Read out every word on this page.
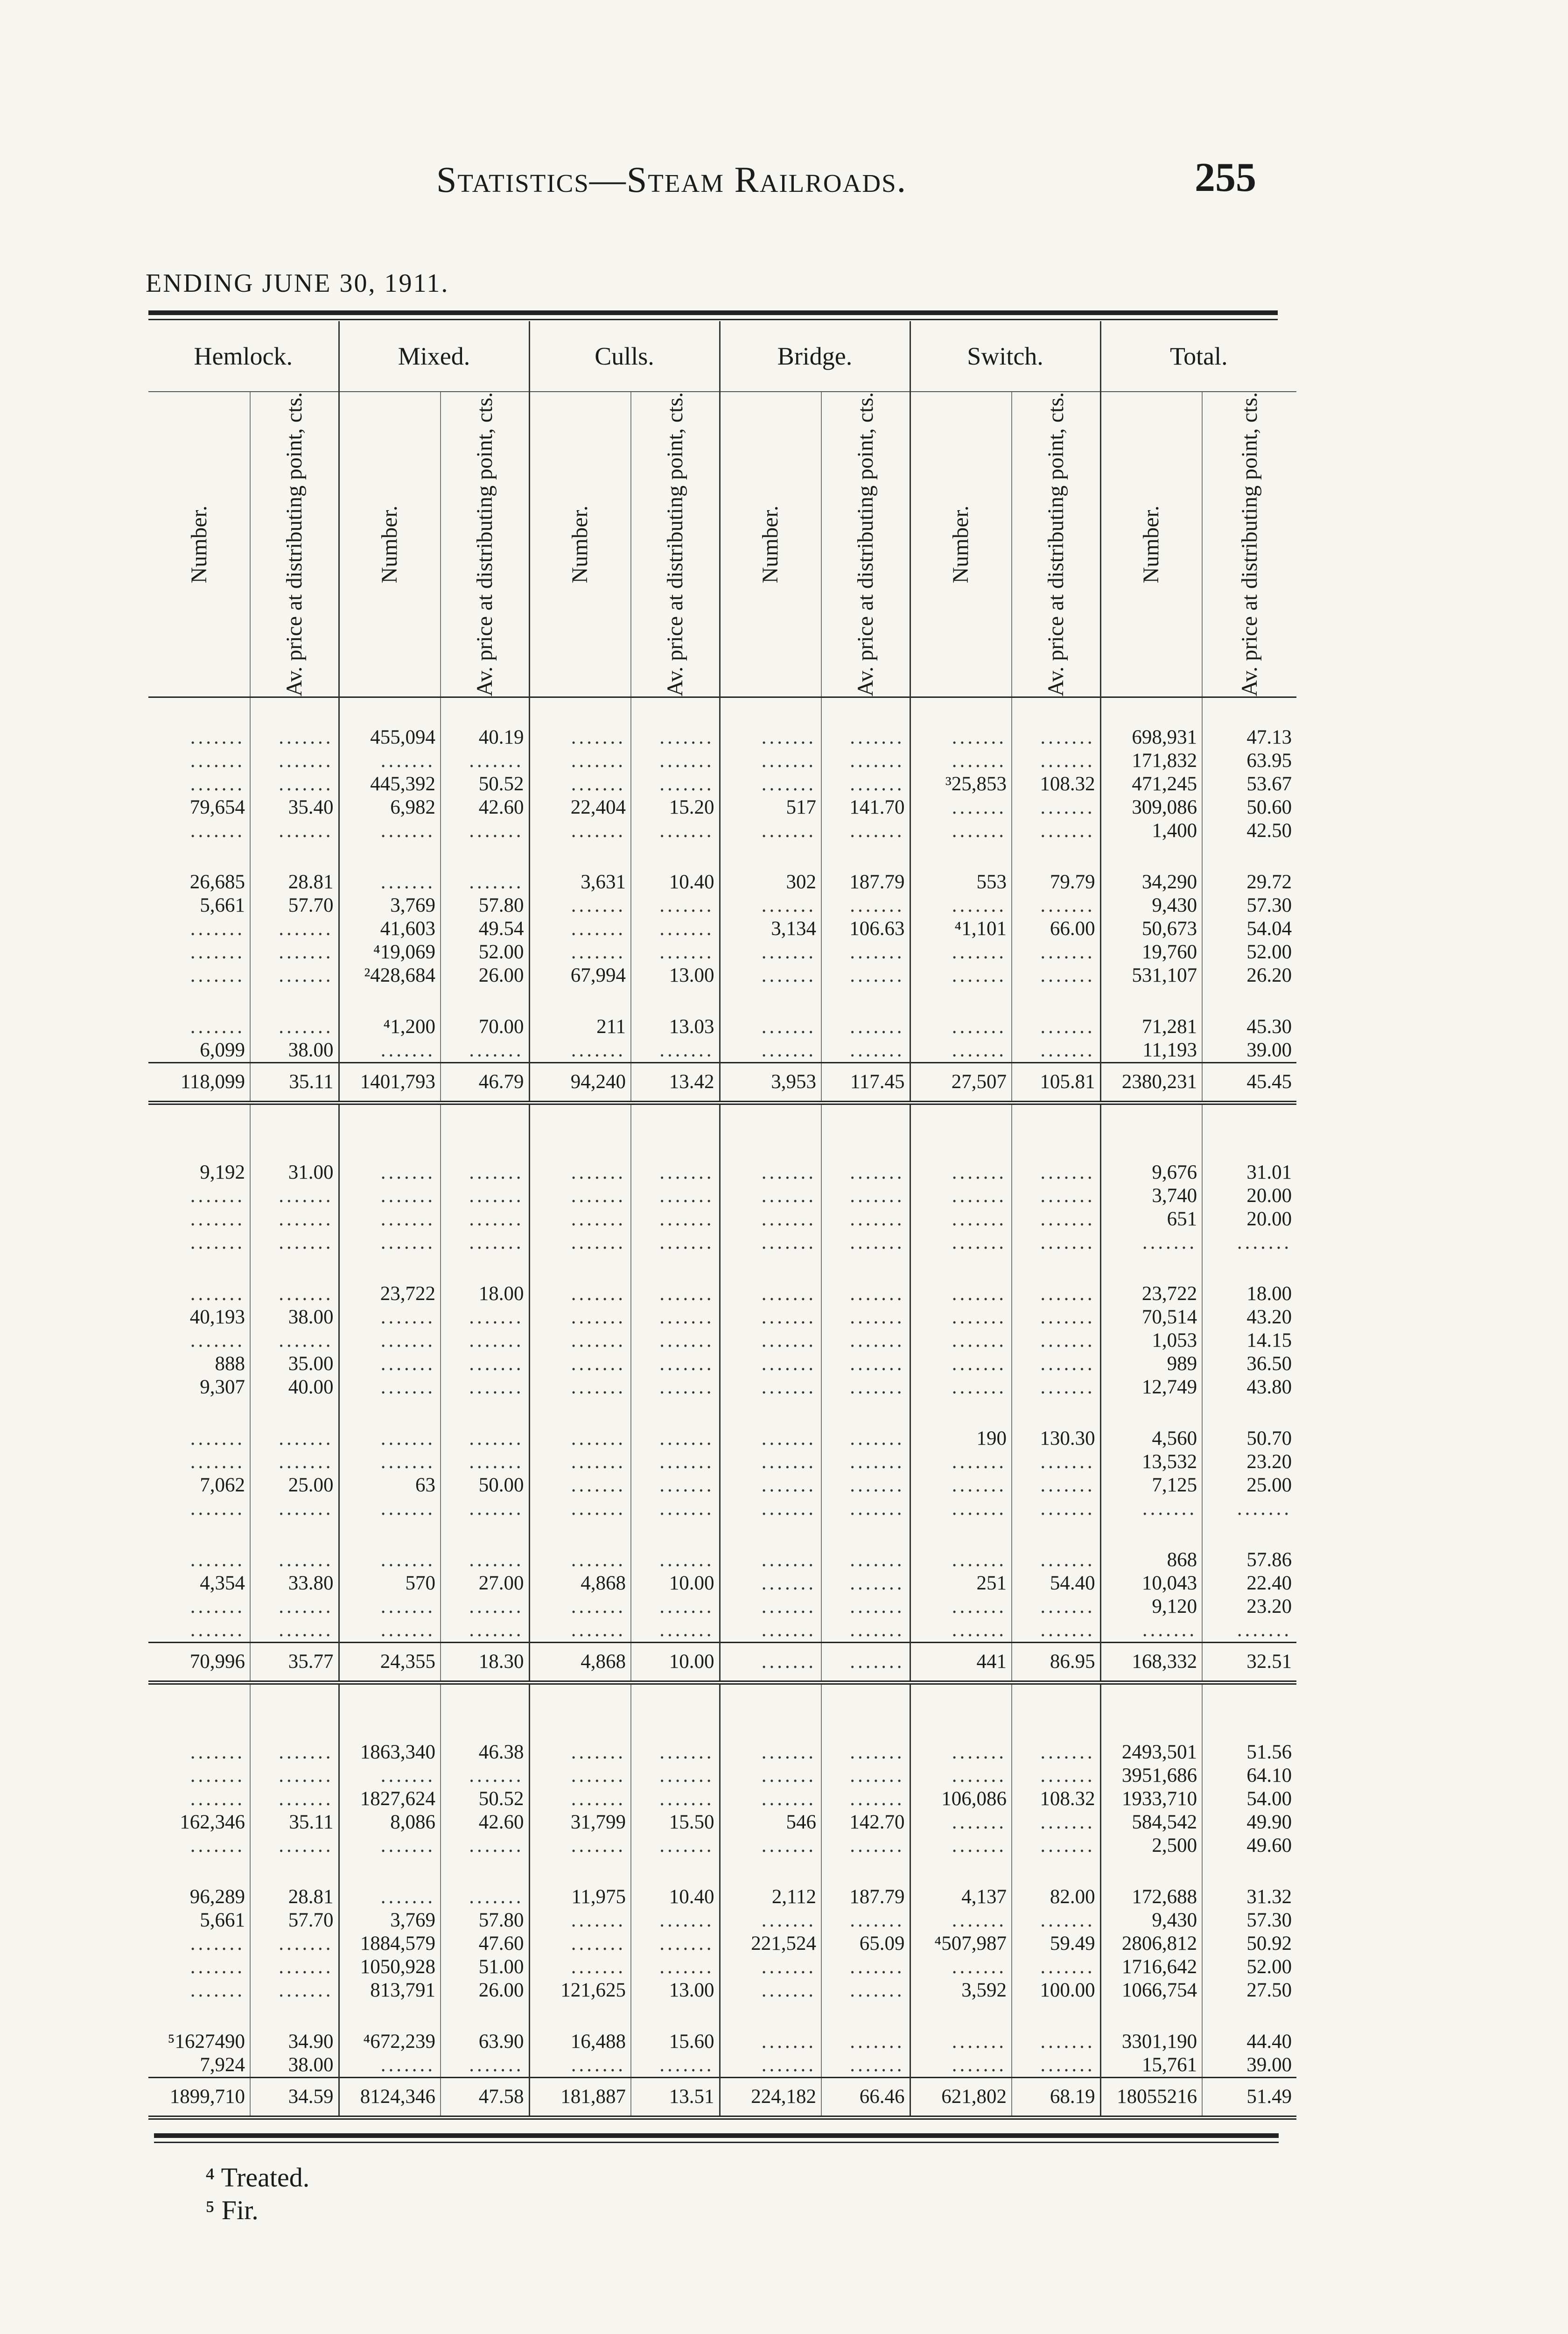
Statistics—Steam Railroads.	255
ENDING JUNE 30, 1911.
Hemlock.		Mixed.		Culls.		Bridge.		Switch.		Total.	

Number.	Av. price at distributing point, cts.	Number.	Av. price at distributing point, cts.	Number.	Av. price at distributing point, cts.	Number.	Av. price at distributing point, cts.	Number.	Av. price at distributing point, cts.	Number.	Av. price at distributing point, cts.

.......	.......	455,094	40.19	.......	.......	.......	.......	.......	.......	698,931	47.13
.......	.......	.......	.......	.......	.......	.......	.......	.......	.......	171,832	63.95
.......	.......	445,392	50.52	.......	.......	.......	.......	³25,853	108.32	471,245	53.67
79,654	35.40	6,982	42.60	22,404	15.20	517	141.70	.......	.......	309,086	50.60
.......	.......	.......	.......	.......	.......	.......	.......	.......	.......	1,400	42.50

26,685	28.81	.......	.......	3,631	10.40	302	187.79	553	79.79	34,290	29.72
5,661	57.70	3,769	57.80	.......	.......	.......	.......	.......	.......	9,430	57.30
.......	.......	41,603	49.54	.......	.......	3,134	106.63	⁴1,101	66.00	50,673	54.04
.......	.......	⁴19,069	52.00	.......	.......	.......	.......	.......	.......	19,760	52.00
.......	.......	²428,684	26.00	67,994	13.00	.......	.......	.......	.......	531,107	26.20

.......	.......	⁴1,200	70.00	211	13.03	.......	.......	.......	.......	71,281	45.30
6,099	38.00	.......	.......	.......	.......	.......	.......	.......	.......	11,193	39.00
118,099	35.11	1401,793	46.79	94,240	13.42	3,953	117.45	27,507	105.81	2380,231	45.45

9,192	31.00	.......	.......	.......	.......	.......	.......	.......	.......	9,676	31.01
.......	.......	.......	.......	.......	.......	.......	.......	.......	.......	3,740	20.00
.......	.......	.......	.......	.......	.......	.......	.......	.......	.......	651	20.00
.......	.......	.......	.......	.......	.......	.......	.......	.......	.......	.......	.......

.......	.......	23,722	18.00	.......	.......	.......	.......	.......	.......	23,722	18.00
40,193	38.00	.......	.......	.......	.......	.......	.......	.......	.......	70,514	43.20
.......	.......	.......	.......	.......	.......	.......	.......	.......	.......	1,053	14.15
888	35.00	.......	.......	.......	.......	.......	.......	.......	.......	989	36.50
9,307	40.00	.......	.......	.......	.......	.......	.......	.......	.......	12,749	43.80

.......	.......	.......	.......	.......	.......	.......	.......	190	130.30	4,560	50.70
.......	.......	.......	.......	.......	.......	.......	.......	.......	.......	13,532	23.20
7,062	25.00	63	50.00	.......	.......	.......	.......	.......	.......	7,125	25.00
.......	.......	.......	.......	.......	.......	.......	.......	.......	.......	.......	.......

.......	.......	.......	.......	.......	.......	.......	.......	.......	.......	868	57.86
4,354	33.80	570	27.00	4,868	10.00	.......	.......	251	54.40	10,043	22.40
.......	.......	.......	.......	.......	.......	.......	.......	.......	.......	9,120	23.20
.......	.......	.......	.......	.......	.......	.......	.......	.......	.......	.......	.......
70,996	35.77	24,355	18.30	4,868	10.00	.......	.......	441	86.95	168,332	32.51

.......	.......	1863,340	46.38	.......	.......	.......	.......	.......	.......	2493,501	51.56
.......	.......	.......	.......	.......	.......	.......	.......	.......	.......	3951,686	64.10
.......	.......	1827,624	50.52	.......	.......	.......	.......	106,086	108.32	1933,710	54.00
162,346	35.11	8,086	42.60	31,799	15.50	546	142.70	.......	.......	584,542	49.90
.......	.......	.......	.......	.......	.......	.......	.......	.......	.......	2,500	49.60

96,289	28.81	.......	.......	11,975	10.40	2,112	187.79	4,137	82.00	172,688	31.32
5,661	57.70	3,769	57.80	.......	.......	.......	.......	.......	.......	9,430	57.30
.......	.......	1884,579	47.60	.......	.......	221,524	65.09	⁴507,987	59.49	2806,812	50.92
.......	.......	1050,928	51.00	.......	.......	.......	.......	.......	.......	1716,642	52.00
.......	.......	813,791	26.00	121,625	13.00	.......	.......	3,592	100.00	1066,754	27.50

⁵1627490	34.90	⁴672,239	63.90	16,488	15.60	.......	.......	.......	.......	3301,190	44.40
7,924	38.00	.......	.......	.......	.......	.......	.......	.......	.......	15,761	39.00
1899,710	34.59	8124,346	47.58	181,887	13.51	224,182	66.46	621,802	68.19	18055216	51.49
⁴ Treated.
⁵ Fir.
